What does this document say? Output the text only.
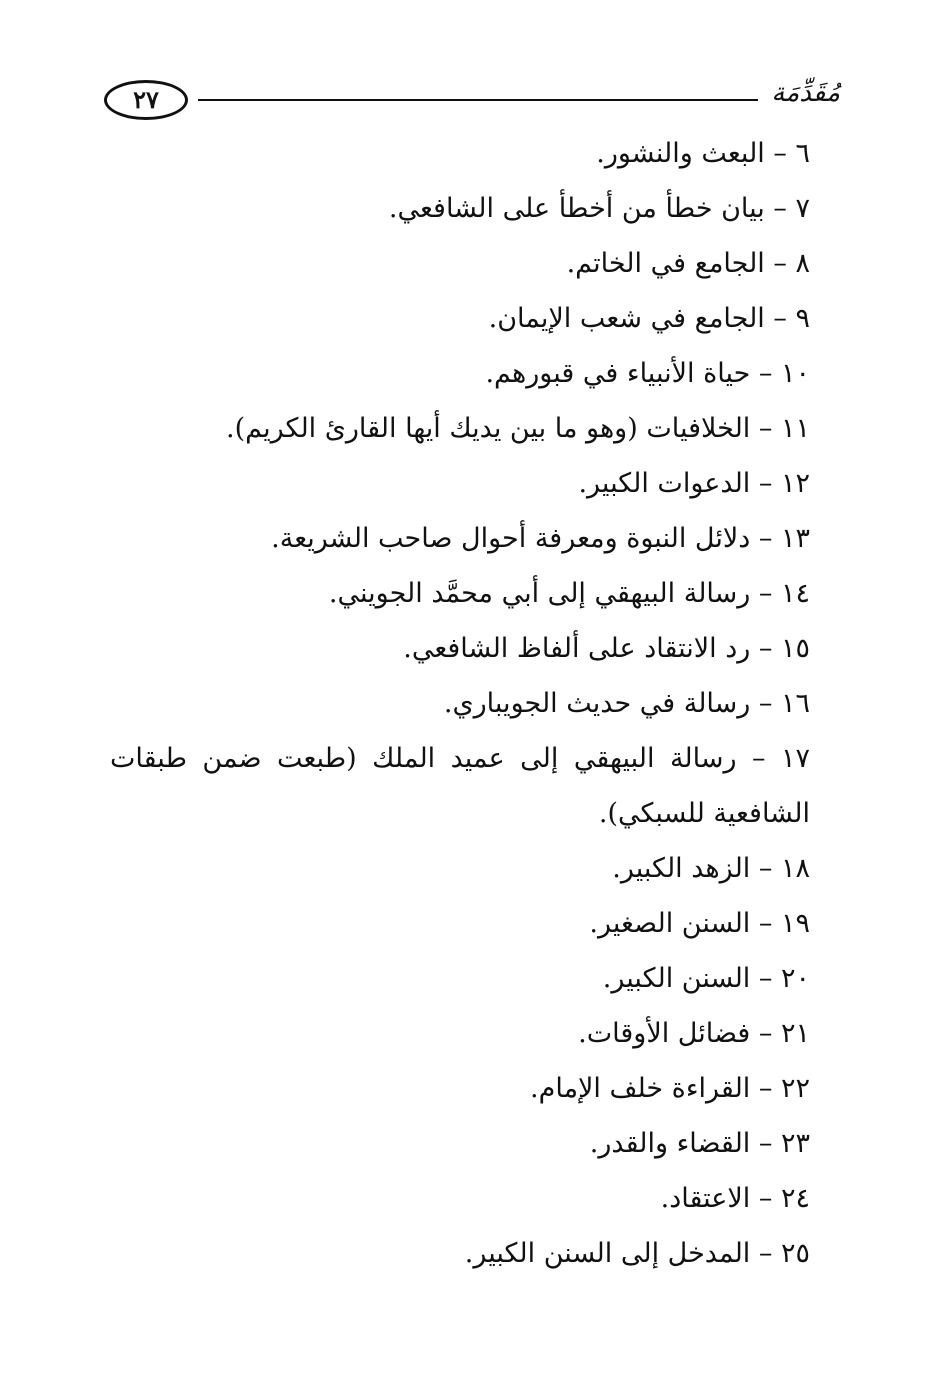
٢٧	مُقَدِّمَة
٦ – البعث والنشور.
٧ – بيان خطأ من أخطأ على الشافعي.
٨ – الجامع في الخاتم.
٩ – الجامع في شعب الإيمان.
١٠ – حياة الأنبياء في قبورهم.
١١ – الخلافيات (وهو ما بين يديك أيها القارئ الكريم).
١٢ – الدعوات الكبير.
١٣ – دلائل النبوة ومعرفة أحوال صاحب الشريعة.
١٤ – رسالة البيهقي إلى أبي محمَّد الجويني.
١٥ – رد الانتقاد على ألفاظ الشافعي.
١٦ – رسالة في حديث الجويباري.
١٧ – رسالة البيهقي إلى عميد الملك (طبعت ضمن طبقات الشافعية للسبكي).
١٨ – الزهد الكبير.
١٩ – السنن الصغير.
٢٠ – السنن الكبير.
٢١ – فضائل الأوقات.
٢٢ – القراءة خلف الإمام.
٢٣ – القضاء والقدر.
٢٤ – الاعتقاد.
٢٥ – المدخل إلى السنن الكبير.
